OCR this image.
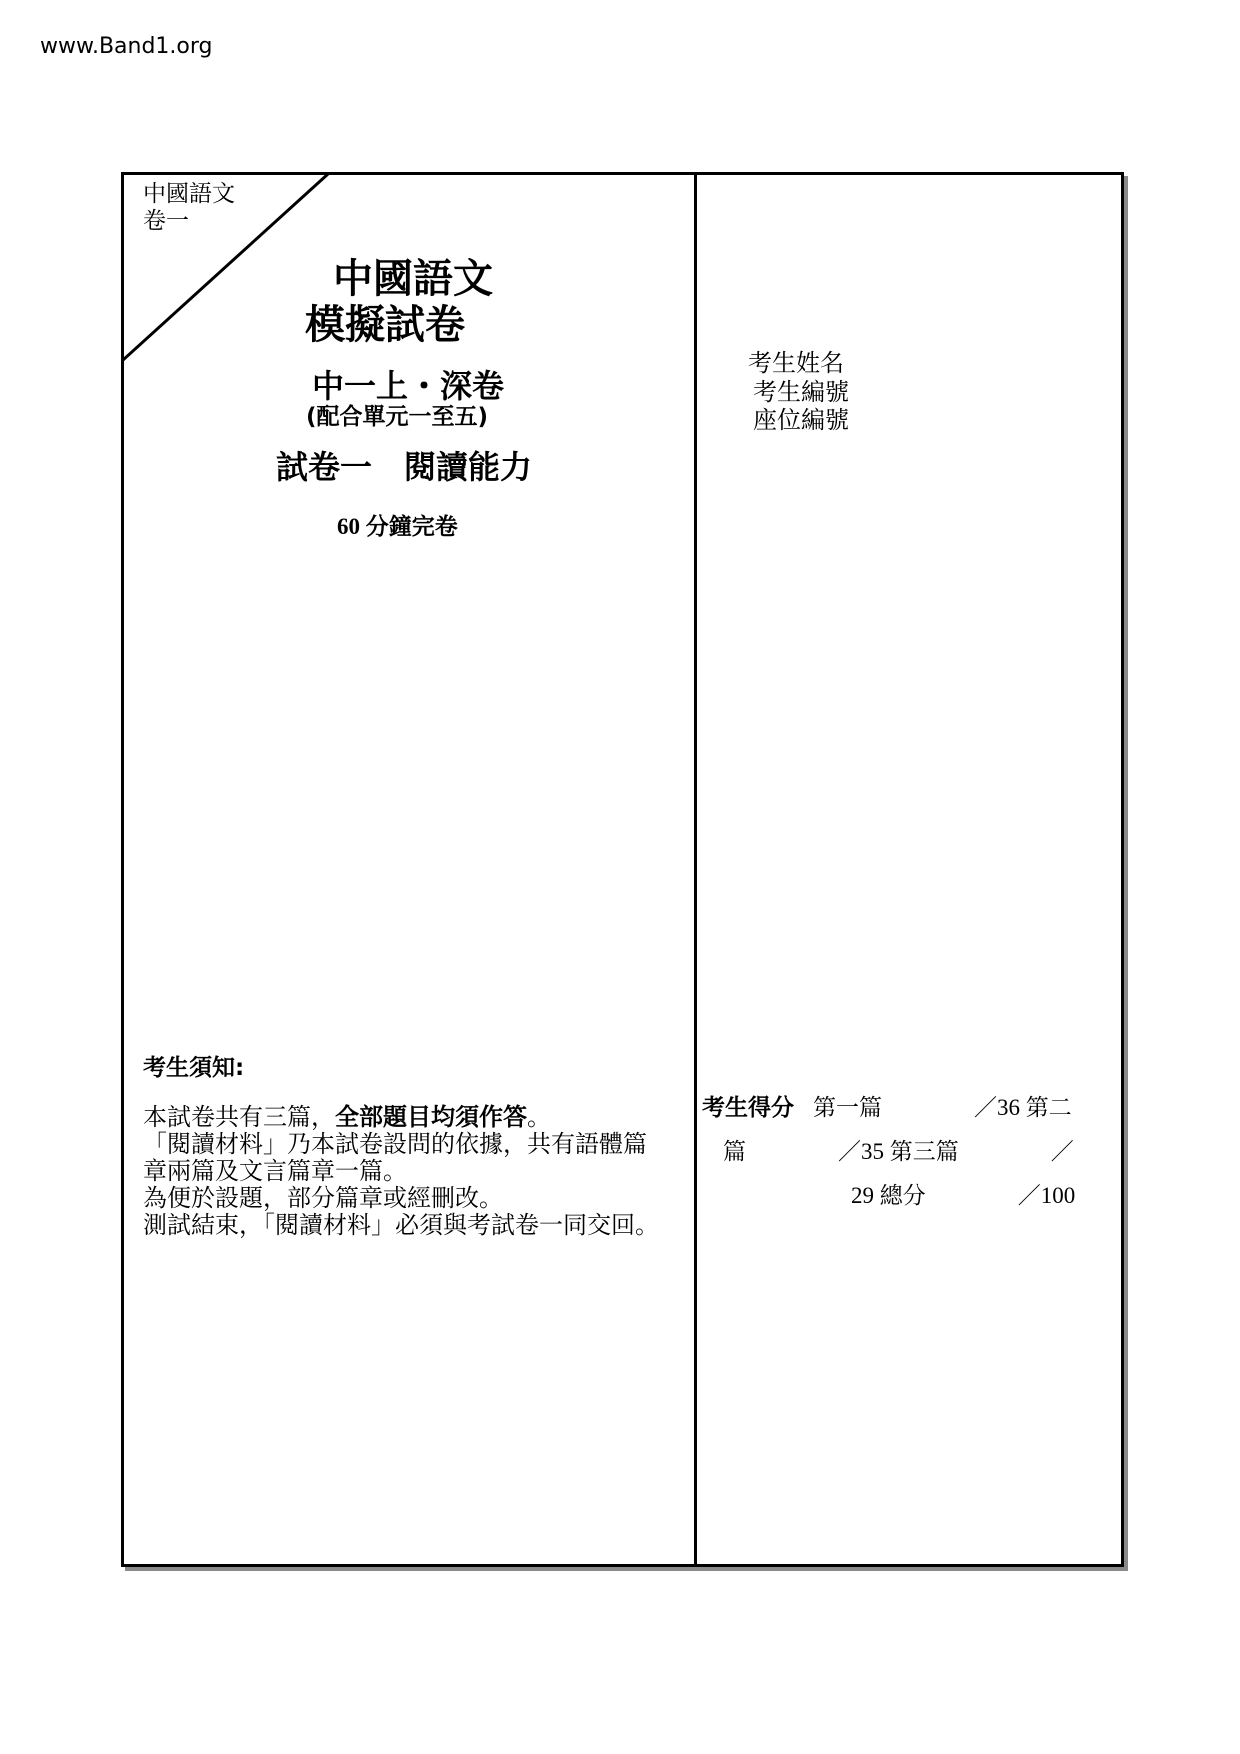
www.Band1.org
中國語文
卷一
中國語文
模擬試卷
中一上・深卷
(配合單元一至五)
試卷一　閱讀能力
60 分鐘完卷
考生須知:
本試卷共有三篇，全部題目均須作答。
「閱讀材料」乃本試卷設問的依據，共有語體篇
章兩篇及文言篇章一篇。
為便於設題，部分篇章或經刪改。
測試結束，「閱讀材料」必須與考試卷一同交回。
考生姓名
考生編號
座位編號
考生得分 第一篇　　　　／36 第二
篇　　　　／35 第三篇　　　　／
29 總分　　　　／100
